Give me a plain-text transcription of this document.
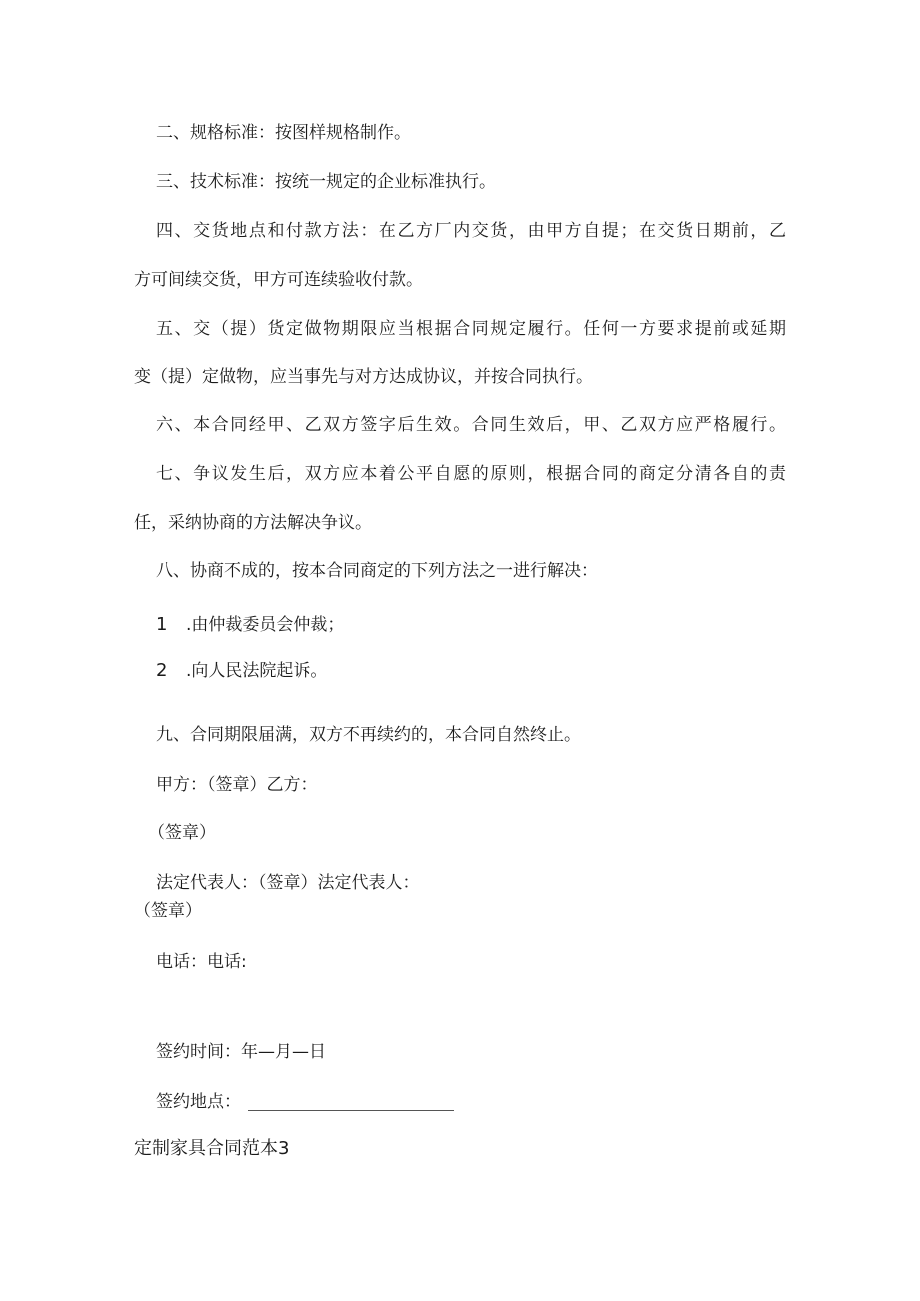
二、规格标准：按图样规格制作。
三、技术标准：按统一规定的企业标准执行。
四、交货地点和付款方法：在乙方厂内交货，由甲方自提；在交货日期前，乙
方可间续交货，甲方可连续验收付款。
五、交（提）货定做物期限应当根据合同规定履行。任何一方要求提前或延期
变（提）定做物，应当事先与对方达成协议，并按合同执行。
六、本合同经甲、乙双方签字后生效。合同生效后，甲、乙双方应严格履行。
七、争议发生后，双方应本着公平自愿的原则，根据合同的商定分清各自的责
任，采纳协商的方法解决争议。
八、协商不成的，按本合同商定的下列方法之一进行解决：
1 .由仲裁委员会仲裁；
2 .向人民法院起诉。
九、合同期限届满，双方不再续约的，本合同自然终止。
甲方：（签章）乙方：
（签章）
法定代表人：（签章）法定代表人：
（签章）
电话：电话:
签约时间：年—月—日
签约地点：
定制家具合同范本3
